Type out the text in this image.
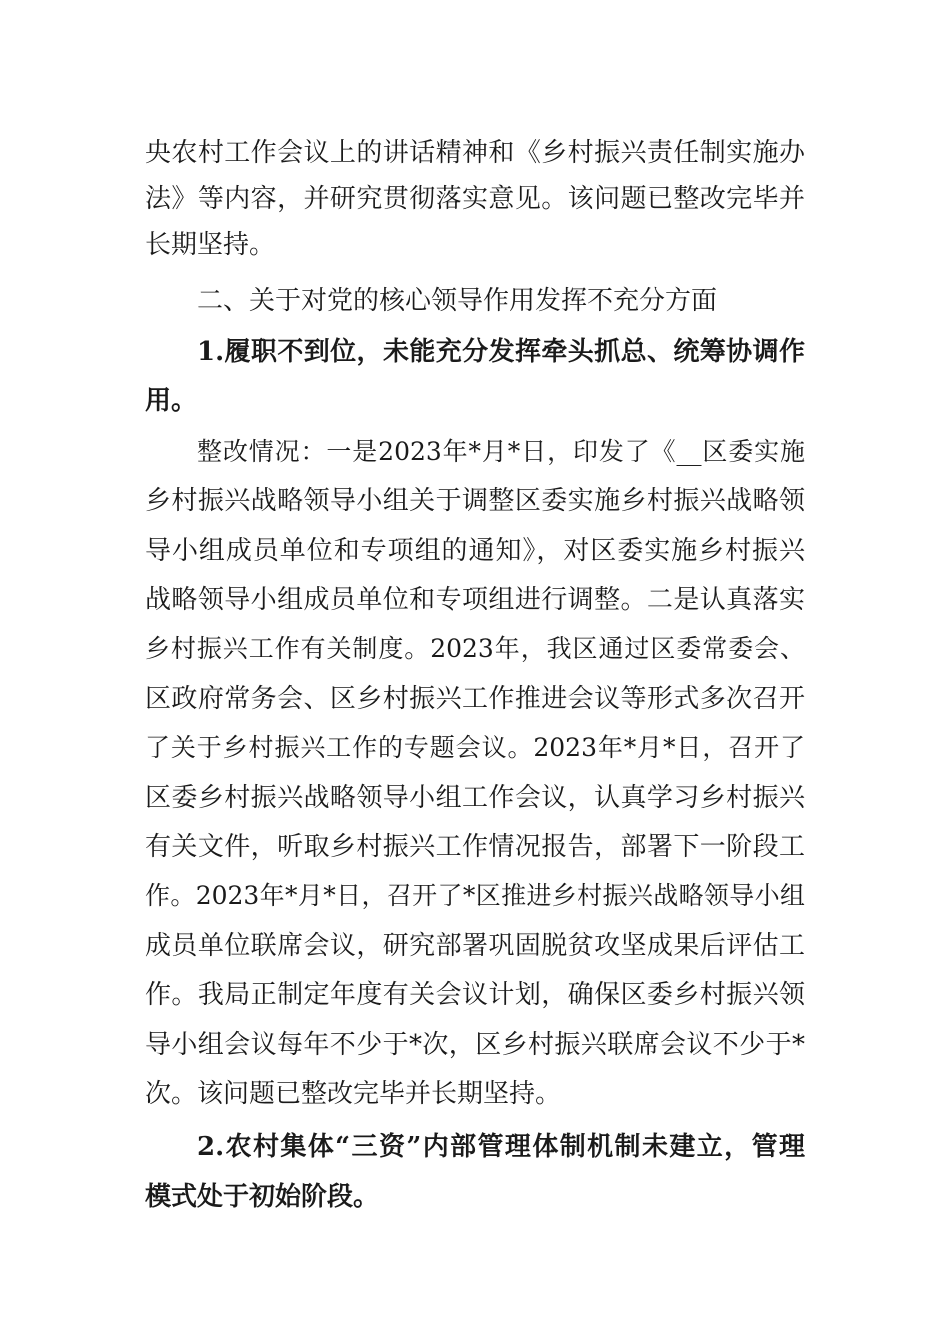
央农村工作会议上的讲话精神和《乡村振兴责任制实施办
法》等内容，并研究贯彻落实意见。该问题已整改完毕并
长期坚持。
二、关于对党的核心领导作用发挥不充分方面
1.履职不到位，未能充分发挥牵头抓总、统筹协调作
用。
整改情况：一是2023年*月*日，印发了《__区委实施
乡村振兴战略领导小组关于调整区委实施乡村振兴战略领
导小组成员单位和专项组的通知》，对区委实施乡村振兴
战略领导小组成员单位和专项组进行调整。二是认真落实
乡村振兴工作有关制度。2023年，我区通过区委常委会、
区政府常务会、区乡村振兴工作推进会议等形式多次召开
了关于乡村振兴工作的专题会议。2023年*月*日，召开了
区委乡村振兴战略领导小组工作会议，认真学习乡村振兴
有关文件，听取乡村振兴工作情况报告，部署下一阶段工
作。2023年*月*日，召开了*区推进乡村振兴战略领导小组
成员单位联席会议，研究部署巩固脱贫攻坚成果后评估工
作。我局正制定年度有关会议计划，确保区委乡村振兴领
导小组会议每年不少于*次，区乡村振兴联席会议不少于*
次。该问题已整改完毕并长期坚持。
2.农村集体“三资”内部管理体制机制未建立，管理
模式处于初始阶段。
